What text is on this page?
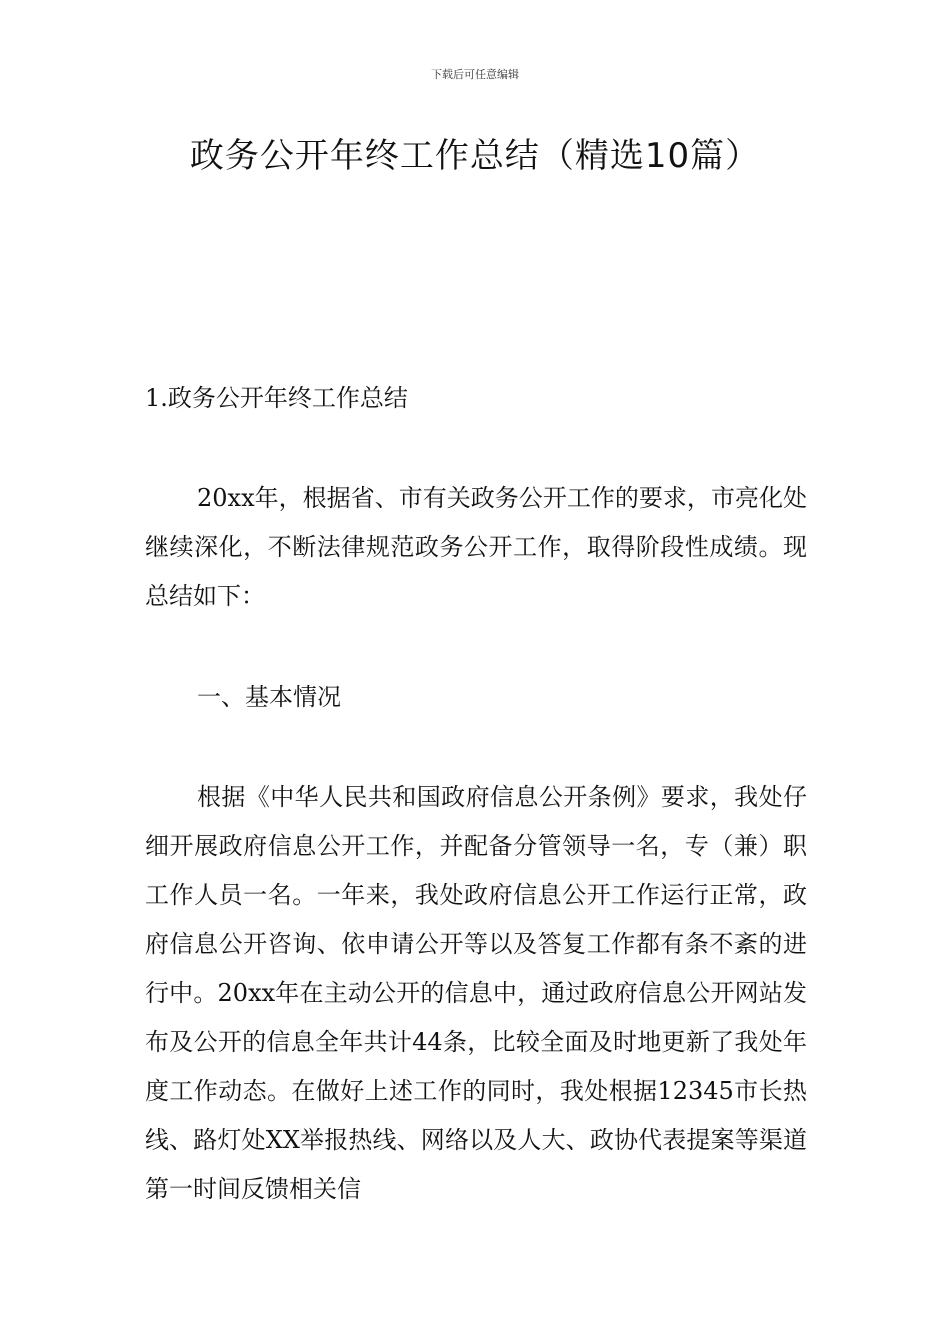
下载后可任意编辑
政务公开年终工作总结（精选10篇）

1.政务公开年终工作总结

20xx年，根据省、市有关政务公开工作的要求，市亮化处继续深化，不断法律规范政务公开工作，取得阶段性成绩。现总结如下：

一、基本情况

根据《中华人民共和国政府信息公开条例》要求，我处仔细开展政府信息公开工作，并配备分管领导一名，专（兼）职工作人员一名。一年来，我处政府信息公开工作运行正常，政府信息公开咨询、依申请公开等以及答复工作都有条不紊的进行中。20xx年在主动公开的信息中，通过政府信息公开网站发布及公开的信息全年共计44条，比较全面及时地更新了我处年度工作动态。在做好上述工作的同时，我处根据12345市长热线、路灯处XX举报热线、网络以及人大、政协代表提案等渠道第一时间反馈相关信
